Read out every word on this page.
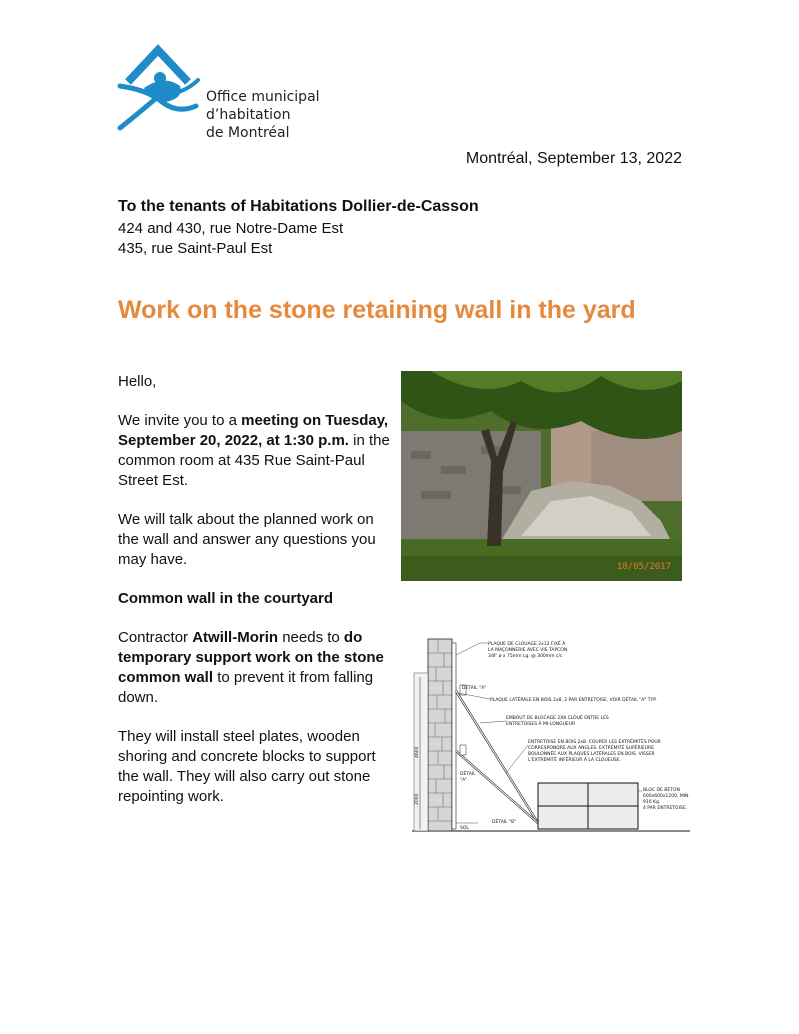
Office municipal
d’habitation
de Montréal
Montréal, September 13, 2022
To the tenants of Habitations Dollier-de-Casson
424 and 430, rue Notre-Dame Est
435, rue Saint-Paul Est
Work on the stone retaining wall in the yard

Hello,

We invite you to a meeting on Tuesday, September 20, 2022, at 1:30 p.m. in the common room at 435 Rue Saint-Paul Street Est.

We will talk about the planned work on the wall and answer any questions you may have.

Common wall in the courtyard

Contractor Atwill-Morin needs to do temporary support work on the stone common wall to prevent it from falling down.

They will install steel plates, wooden shoring and concrete blocks to support the wall. They will also carry out stone repointing work.

18/05/2017
4600
2000
PLAQUE DE CLOUAGE 2x12 FIXÉ À
LA MAÇONNERIE AVEC VIS TAPCON
3/8" ø x 75mm Lg. @ 300mm c/c
DÉTAIL "A"
PLAQUE LATÉRALE EN BOIS 2x8, 2 PAR ENTRETOISE. VOIR DÉTAIL "A" TYP.
EMBOUT DE BLOCAGE 2X8 CLOUÉ ENTRE LES
ENTRETOISES À MI-LONGUEUR
ENTRETOISE EN BOIS 2x8. COUPER LES EXTRÉMITÉS POUR
CORRESPONDRE AUX ANGLES. EXTRÉMITÉ SUPÉRIEURE
BOULONNÉE AUX PLAQUES LATÉRALES EN BOIS. VISSER
L'EXTRÉMITÉ INFÉRIEUR À LA CLOUEUSE.
DÉTAIL
"A"
BLOC DE BÉTON
600x600x1200, MIN.
910 Kg.
4 PAR ENTRETOISE.
DÉTAIL "B"
SOL
